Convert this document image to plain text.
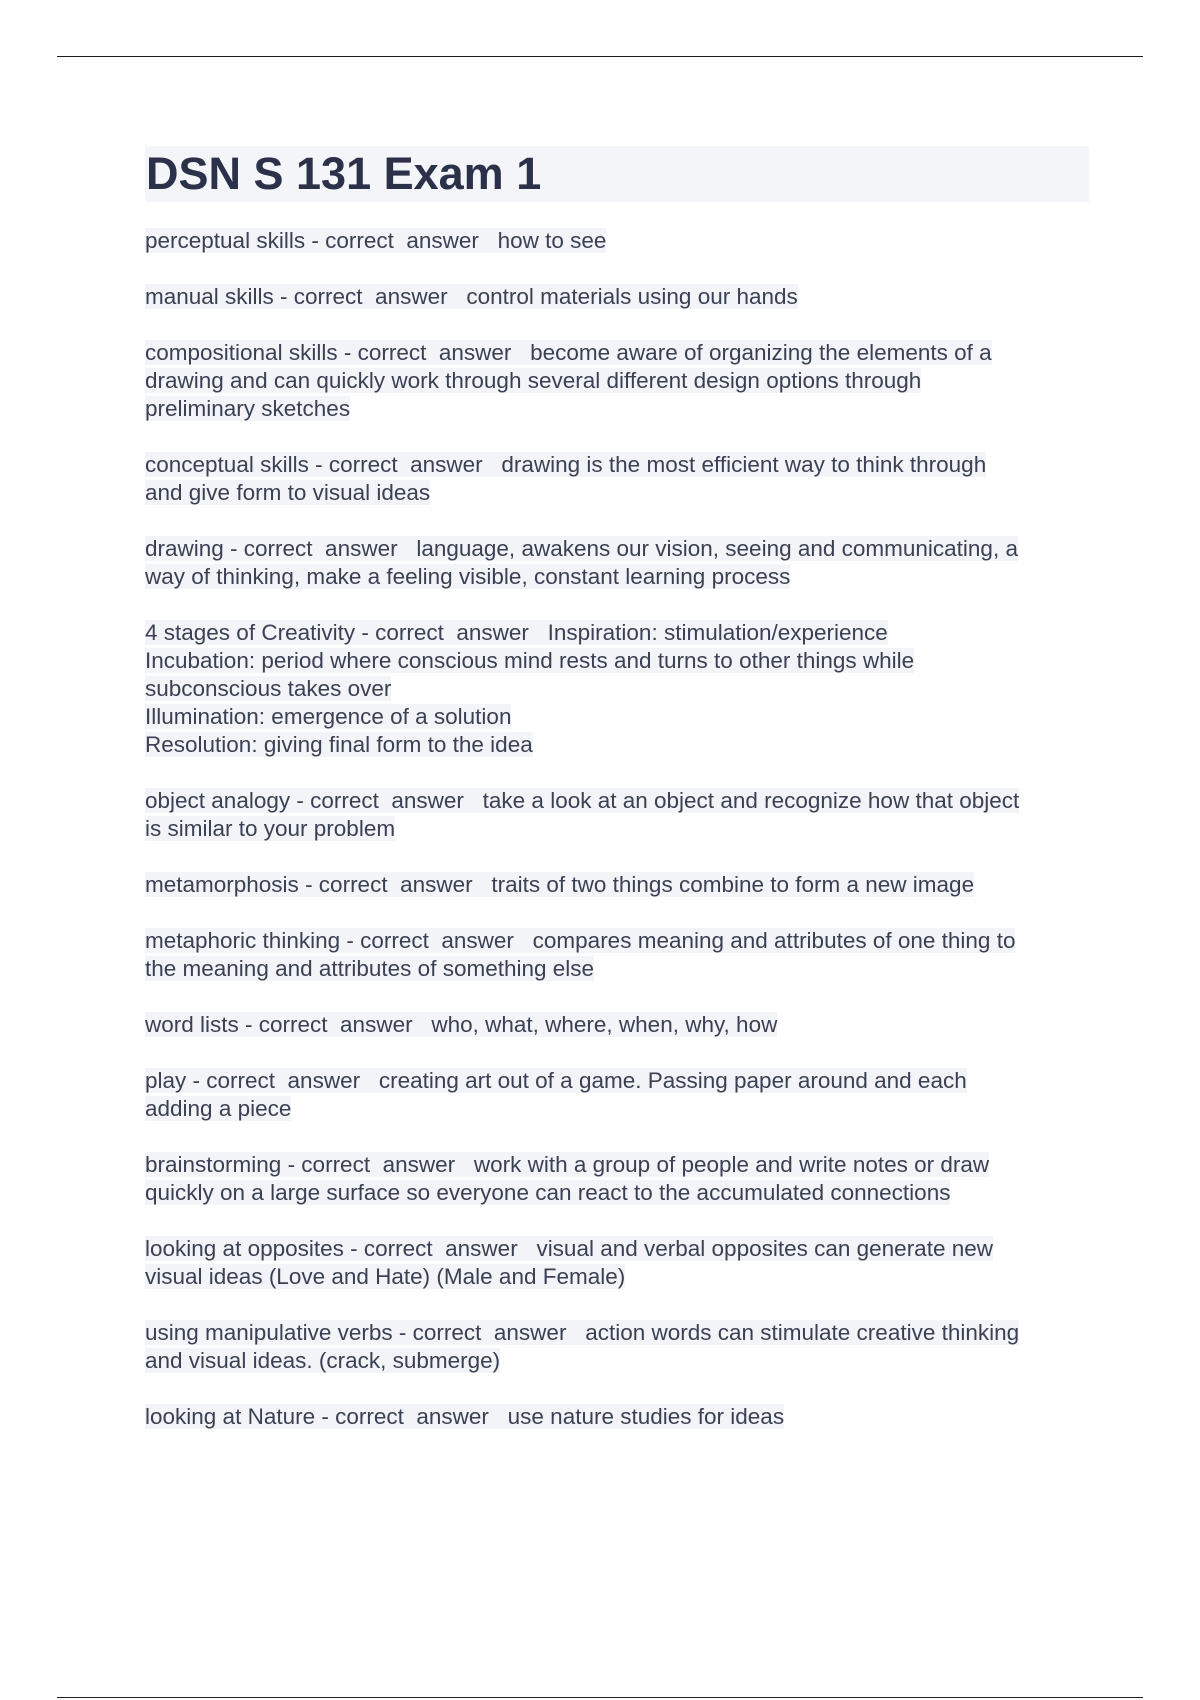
DSN S 131 Exam 1
perceptual skills - correct  answer   how to see
manual skills - correct  answer   control materials using our hands
compositional skills - correct  answer   become aware of organizing the elements of a
drawing and can quickly work through several different design options through
preliminary sketches
conceptual skills - correct  answer   drawing is the most efficient way to think through
and give form to visual ideas
drawing - correct  answer   language, awakens our vision, seeing and communicating, a
way of thinking, make a feeling visible, constant learning process
4 stages of Creativity - correct  answer   Inspiration: stimulation/experience
Incubation: period where conscious mind rests and turns to other things while
subconscious takes over
Illumination: emergence of a solution
Resolution: giving final form to the idea
object analogy - correct  answer   take a look at an object and recognize how that object
is similar to your problem
metamorphosis - correct  answer   traits of two things combine to form a new image
metaphoric thinking - correct  answer   compares meaning and attributes of one thing to
the meaning and attributes of something else
word lists - correct  answer   who, what, where, when, why, how
play - correct  answer   creating art out of a game. Passing paper around and each
adding a piece
brainstorming - correct  answer   work with a group of people and write notes or draw
quickly on a large surface so everyone can react to the accumulated connections
looking at opposites - correct  answer   visual and verbal opposites can generate new
visual ideas (Love and Hate) (Male and Female)
using manipulative verbs - correct  answer   action words can stimulate creative thinking
and visual ideas. (crack, submerge)
looking at Nature - correct  answer   use nature studies for ideas
